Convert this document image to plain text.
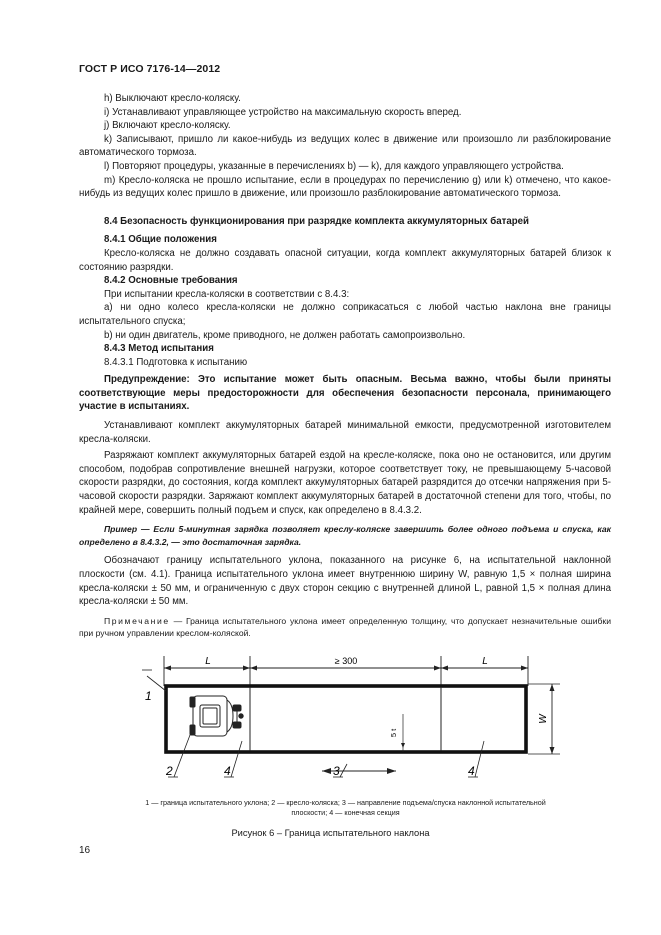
ГОСТ Р ИСО 7176-14—2012

h) Выключают кресло-коляску.

i) Устанавливают управляющее устройство на максимальную скорость вперед.

j) Включают кресло-коляску.

k) Записывают, пришло ли какое-нибудь из ведущих колес в движение или произошло ли разблокирование автоматического тормоза.

l) Повторяют процедуры, указанные в перечислениях b) — k), для каждого управляющего устройства.

m) Кресло-коляска не прошло испытание, если в процедурах по перечислению g) или k) отмечено, что какое-нибудь из ведущих колес пришло в движение, или произошло разблокирование автоматического тормоза.

8.4 Безопасность функционирования при разрядке комплекта аккумуляторных батарей

8.4.1 Общие положения

Кресло-коляска не должно создавать опасной ситуации, когда комплект аккумуляторных батарей близок к состоянию разрядки.

8.4.2 Основные требования

При испытании кресла-коляски в соответствии с 8.4.3:

a) ни одно колесо кресла-коляски не должно соприкасаться с любой частью наклона вне границы испытательного спуска;

b) ни один двигатель, кроме приводного, не должен работать самопроизвольно.

8.4.3 Метод испытания

8.4.3.1 Подготовка к испытанию

Предупреждение: Это испытание может быть опасным. Весьма важно, чтобы были приняты соответствующие меры предосторожности для обеспечения безопасности персонала, принимающего участие в испытаниях.

Устанавливают комплект аккумуляторных батарей минимальной емкости, предусмотренной изготовителем кресла-коляски.

Разряжают комплект аккумуляторных батарей ездой на кресле-коляске, пока оно не остановится, или другим способом, подобрав сопротивление внешней нагрузки, которое соответствует току, не превышающему 5-часовой скорости разрядки, до состояния, когда комплект аккумуляторных батарей разрядится до отсечки напряжения при 5-часовой скорости разрядки. Заряжают комплект аккумуляторных батарей в достаточной степени для того, чтобы, по крайней мере, совершить полный подъем и спуск, как определено в 8.4.3.2.

Пример — Если 5-минутная зарядка позволяет креслу-коляске завершить более одного подъема и спуска, как определено в 8.4.3.2, — это достаточная зарядка.

Обозначают границу испытательного уклона, показанного на рисунке 6, на испытательной наклонной плоскости (см. 4.1). Граница испытательного уклона имеет внутреннюю ширину W, равную 1,5 × полная ширина кресла-коляски ± 50 мм, и ограниченную с двух сторон секцию с внутренней длиной L, равной 1,5 × полная длина кресла-коляски ± 50 мм.

Примечание — Граница испытательного уклона имеет определенную толщину, что допускает незначительные ошибки при ручном управлении креслом-коляской.

L	≥ 300	L
W
5 t
1
2	4	3	4
1 — граница испытательного уклона; 2 — кресло-коляска; 3 — направление подъема/спуска наклонной испытательной
плоскости; 4 — конечная секция
Рисунок 6 – Граница испытательного наклона
16
